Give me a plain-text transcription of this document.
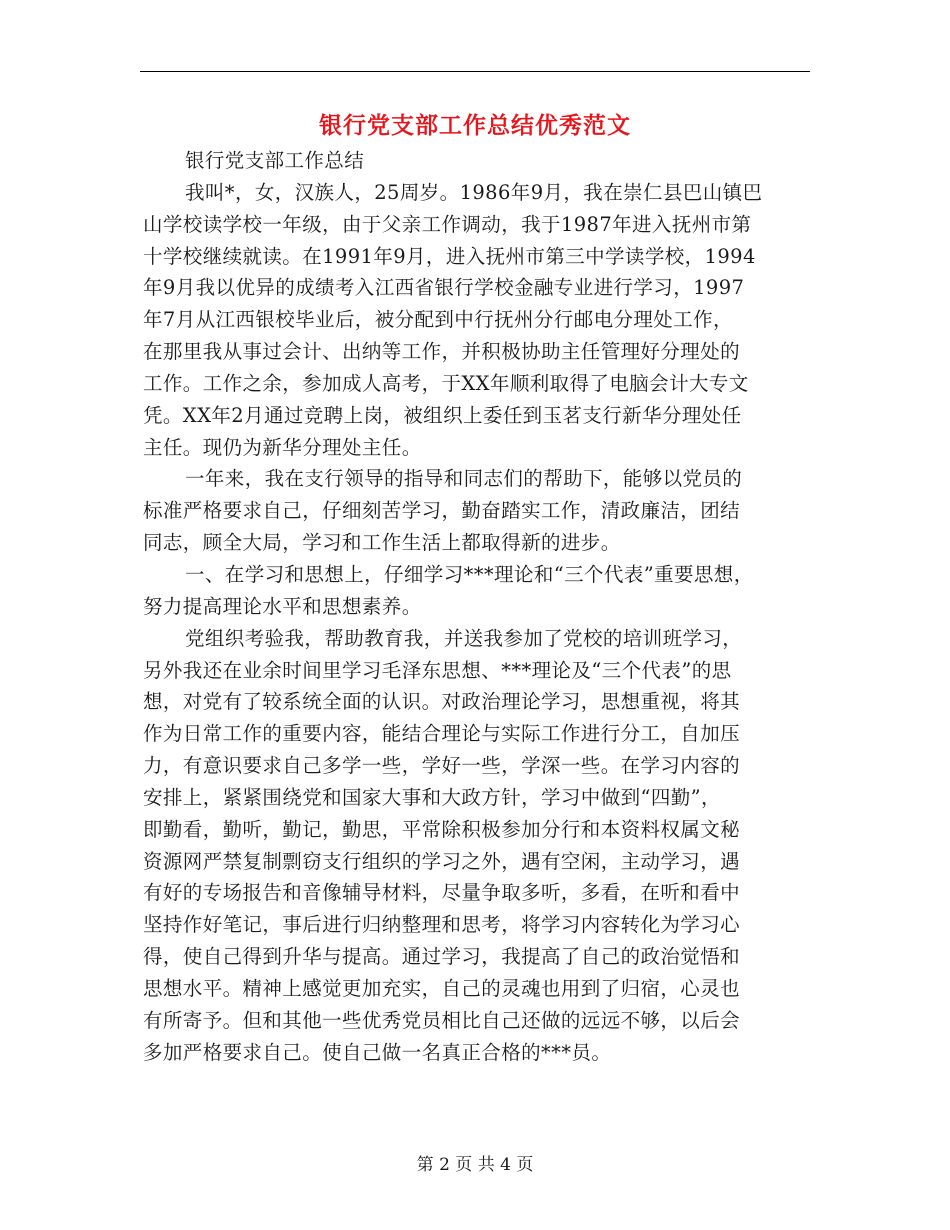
银行党支部工作总结优秀范文
银行党支部工作总结
我叫*，女，汉族人，25周岁。1986年9月，我在崇仁县巴山镇巴
山学校读学校一年级，由于父亲工作调动，我于1987年进入抚州市第
十学校继续就读。在1991年9月，进入抚州市第三中学读学校，1994
年9月我以优异的成绩考入江西省银行学校金融专业进行学习，1997
年7月从江西银校毕业后，被分配到中行抚州分行邮电分理处工作，
在那里我从事过会计、出纳等工作，并积极协助主任管理好分理处的
工作。工作之余，参加成人高考，于XX年顺利取得了电脑会计大专文
凭。XX年2月通过竞聘上岗，被组织上委任到玉茗支行新华分理处任
主任。现仍为新华分理处主任。
一年来，我在支行领导的指导和同志们的帮助下，能够以党员的
标准严格要求自己，仔细刻苦学习，勤奋踏实工作，清政廉洁，团结
同志，顾全大局，学习和工作生活上都取得新的进步。
一、在学习和思想上，仔细学习***理论和“三个代表”重要思想，
努力提高理论水平和思想素养。
党组织考验我，帮助教育我，并送我参加了党校的培训班学习，
另外我还在业余时间里学习毛泽东思想、***理论及“三个代表”的思
想，对党有了较系统全面的认识。对政治理论学习，思想重视，将其
作为日常工作的重要内容，能结合理论与实际工作进行分工，自加压
力，有意识要求自己多学一些，学好一些，学深一些。在学习内容的
安排上，紧紧围绕党和国家大事和大政方针，学习中做到“四勤”，
即勤看，勤听，勤记，勤思，平常除积极参加分行和本资料权属文秘
资源网严禁复制剽窃支行组织的学习之外，遇有空闲，主动学习，遇
有好的专场报告和音像辅导材料，尽量争取多听，多看，在听和看中
坚持作好笔记，事后进行归纳整理和思考，将学习内容转化为学习心
得，使自己得到升华与提高。通过学习，我提高了自己的政治觉悟和
思想水平。精神上感觉更加充实，自己的灵魂也用到了归宿，心灵也
有所寄予。但和其他一些优秀党员相比自己还做的远远不够，以后会
多加严格要求自己。使自己做一名真正合格的***员。
第 2 页 共 4 页
